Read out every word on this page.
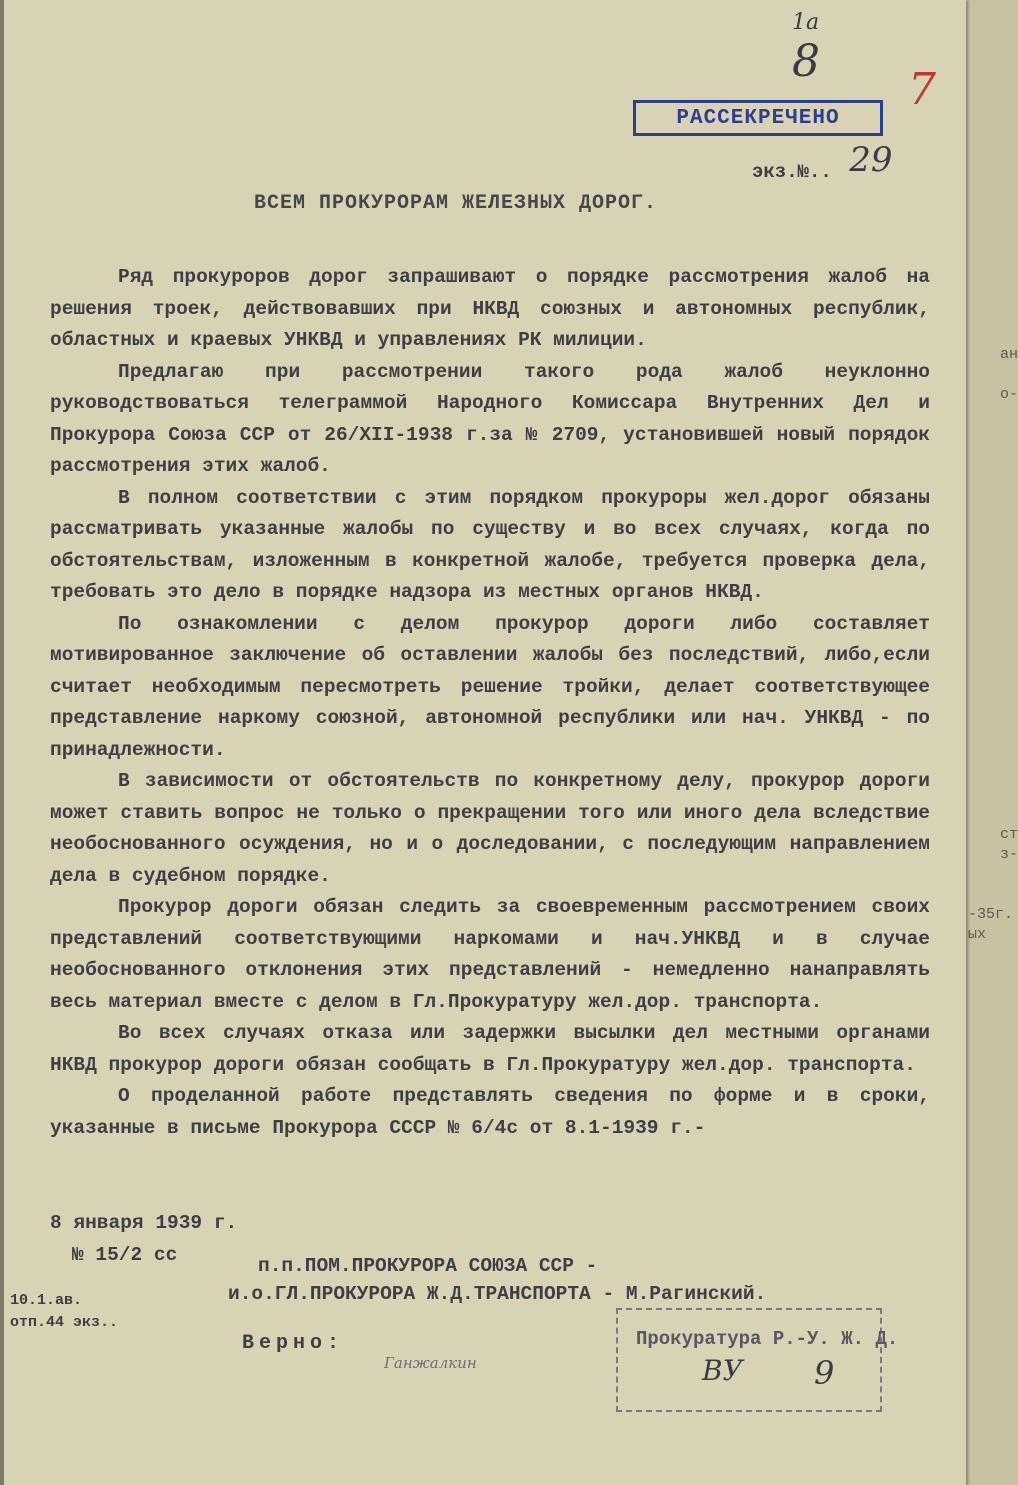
ан
о-
ст
з-
-35г.
ых
1а
8
7
РАССЕКРЕЧЕНО
экз.№.. 29
ВСЕМ ПРОКУРОРАМ ЖЕЛЕЗНЫХ ДОРОГ.

Ряд прокуроров дорог запрашивают о порядке рассмотрения жалоб на решения троек, действовавших при НКВД союзных и автономных республик, областных и краевых УНКВД и управлениях РК милиции.

Предлагаю при рассмотрении такого рода жалоб неуклонно руководствоваться телеграммой Народного Комиссара Внутренних Дел и Прокурора Союза ССР от 26/XII-1938 г.за № 2709, установившей новый порядок рассмотрения этих жалоб.

В полном соответствии с этим порядком прокуроры жел.дорог обязаны рассматривать указанные жалобы по существу и во всех случаях, когда по обстоятельствам, изложенным в конкретной жалобе, требуется проверка дела, требовать это дело в порядке надзора из местных органов НКВД.

По ознакомлении с делом прокурор дороги либо составляет мотивированное заключение об оставлении жалобы без последствий, либо,если считает необходимым пересмотреть решение тройки, делает соответствующее представление наркому союзной, автономной республики или нач. УНКВД - по принадлежности.

В зависимости от обстоятельств по конкретному делу, прокурор дороги может ставить вопрос не только о прекращении того или иного дела вследствие необоснованного осуждения, но и о доследовании, с последующим направлением дела в судебном порядке.

Прокурор дороги обязан следить за своевременным рассмотрением своих представлений соответствующими наркомами и нач.УНКВД и в случае необоснованного отклонения этих представлений - немедленно нанаправлять весь материал вместе с делом в Гл.Прокуратуру жел.дор. транспорта.

Во всех случаях отказа или задержки высылки дел местными органами НКВД прокурор дороги обязан сообщать в Гл.Прокуратуру жел.дор. транспорта.

О проделанной работе представлять сведения по форме и в сроки, указанные в письме Прокурора СССР № 6/4с от 8.1-1939 г.-

8 января 1939 г.
№ 15/2 сс	п.п.ПОМ.ПРОКУРОРА СОЮЗА ССР -
и.о.ГЛ.ПРОКУРОРА Ж.Д.ТРАНСПОРТА - М.Рагинский.
10.1.ав.
отп.44 экз..
Верно:
Ганжалкин
Прокуратура Р.-У. Ж. Д.
ВУ 9
